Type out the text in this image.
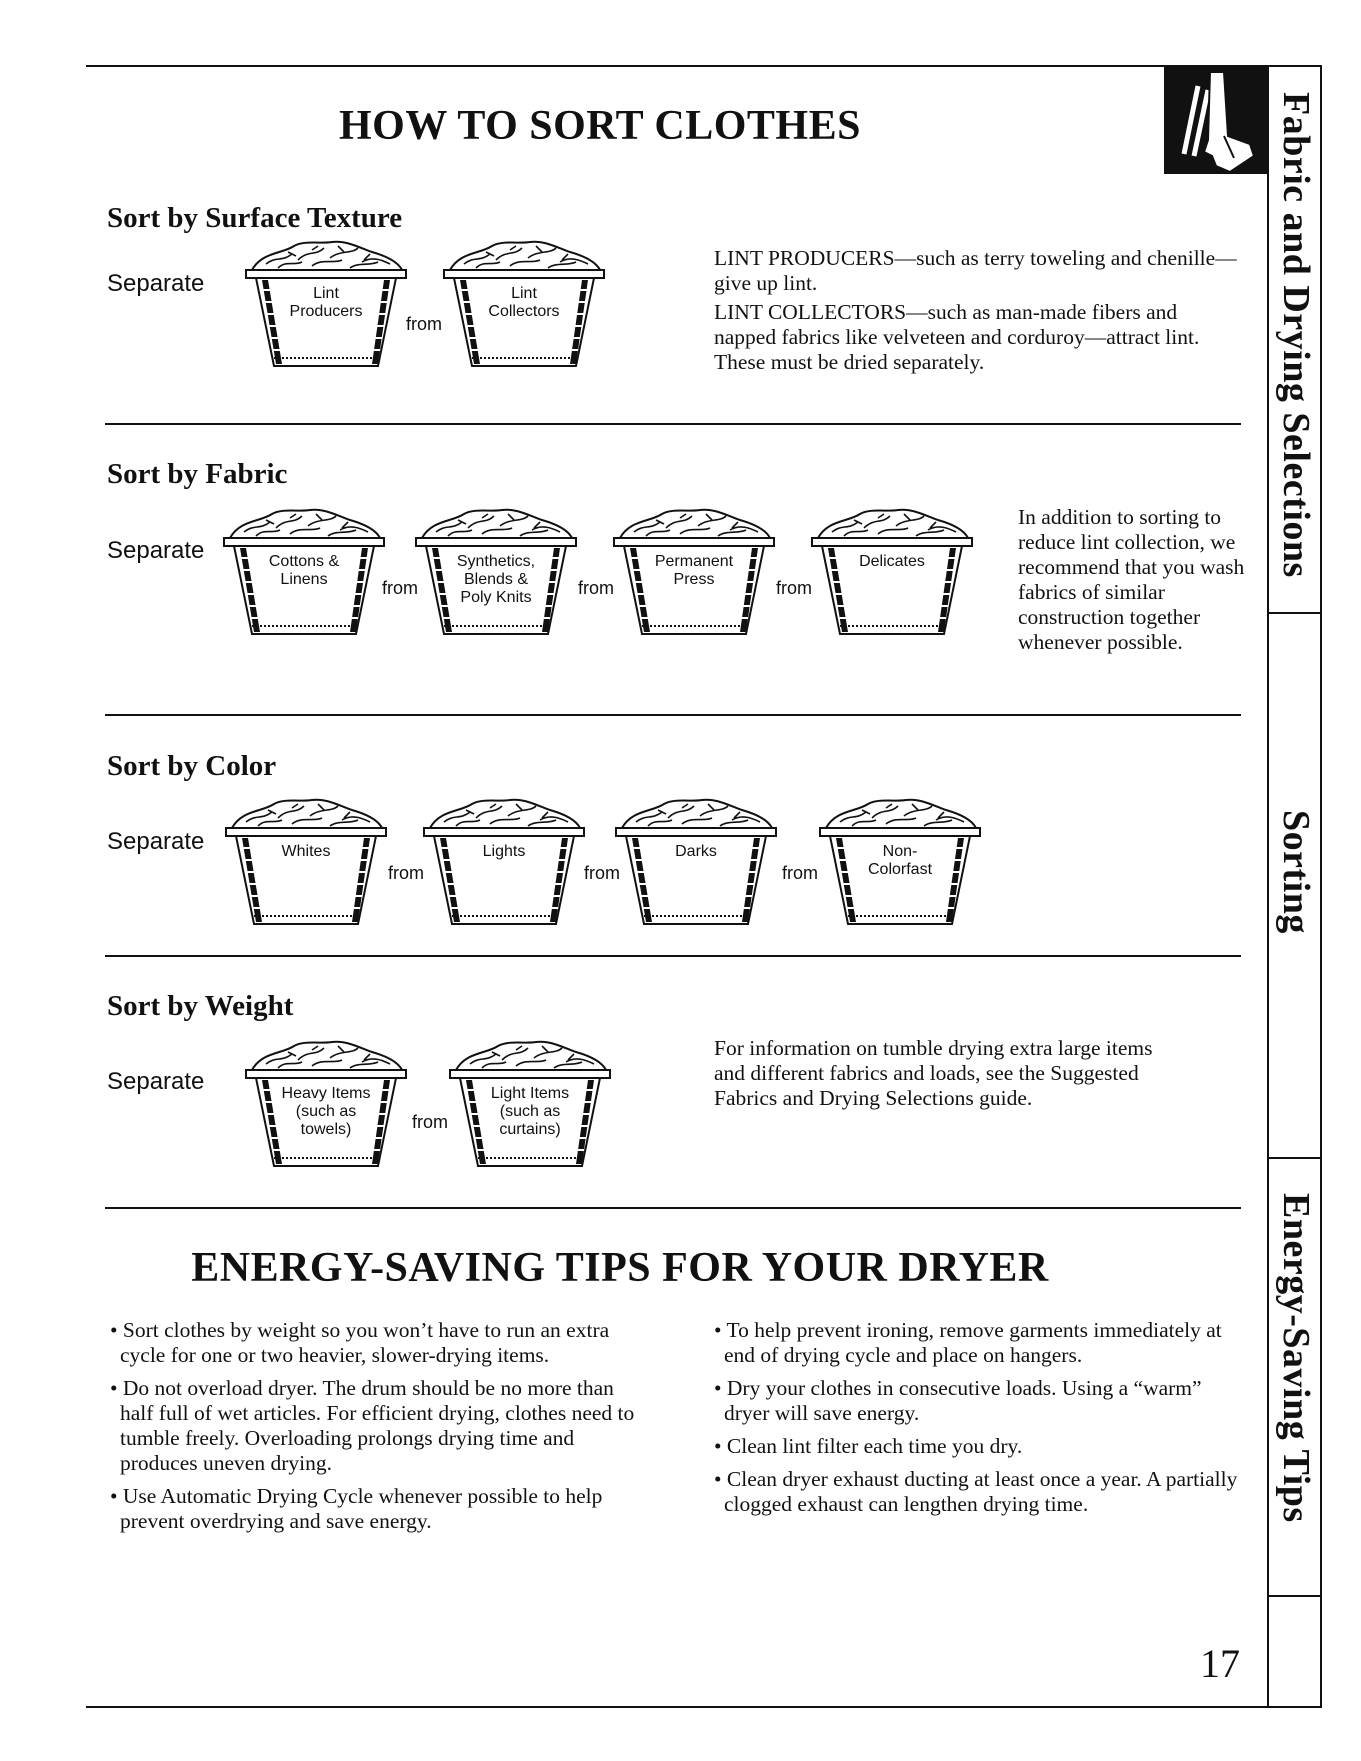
Fabric and Drying Selections
Sorting
Energy-Saving Tips
HOW TO SORT CLOTHES
Sort by Surface Texture
Separate	Lint
Producers
from
Lint
Collectors

LINT PRODUCERS—such as terry toweling and chenille—give up lint.

LINT COLLECTORS—such as man-made fibers and napped fabrics like velveteen and corduroy—attract lint. These must be dried separately.

Sort by Fabric
Separate	Cottons &
Linens	from
Synthetics,
Blends &
Poly Knits	from
Permanent
Press	from
Delicates
In addition to sorting to reduce lint collection, we recommend that you wash fabrics of similar construction together whenever possible.
Sort by Color
Separate	Whites
from
Lights
from
Darks
from
Non-
Colorfast
Sort by Weight
Separate	Heavy Items
(such as
towels)	from
Light Items
(such as
curtains)
For information on tumble drying extra large items and different fabrics and loads, see the Suggested Fabrics and Drying Selections guide.
ENERGY-SAVING TIPS FOR YOUR DRYER
• Sort clothes by weight so you won’t have to run an extra cycle for one or two heavier, slower-drying items.
• Do not overload dryer. The drum should be no more than half full of wet articles. For efficient drying, clothes need to tumble freely. Overloading prolongs drying time and produces uneven drying.
• Use Automatic Drying Cycle whenever possible to help prevent overdrying and save energy.
• To help prevent ironing, remove garments immediately at end of drying cycle and place on hangers.
• Dry your clothes in consecutive loads. Using a “warm” dryer will save energy.
• Clean lint filter each time you dry.
• Clean dryer exhaust ducting at least once a year. A partially clogged exhaust can lengthen drying time.
17
